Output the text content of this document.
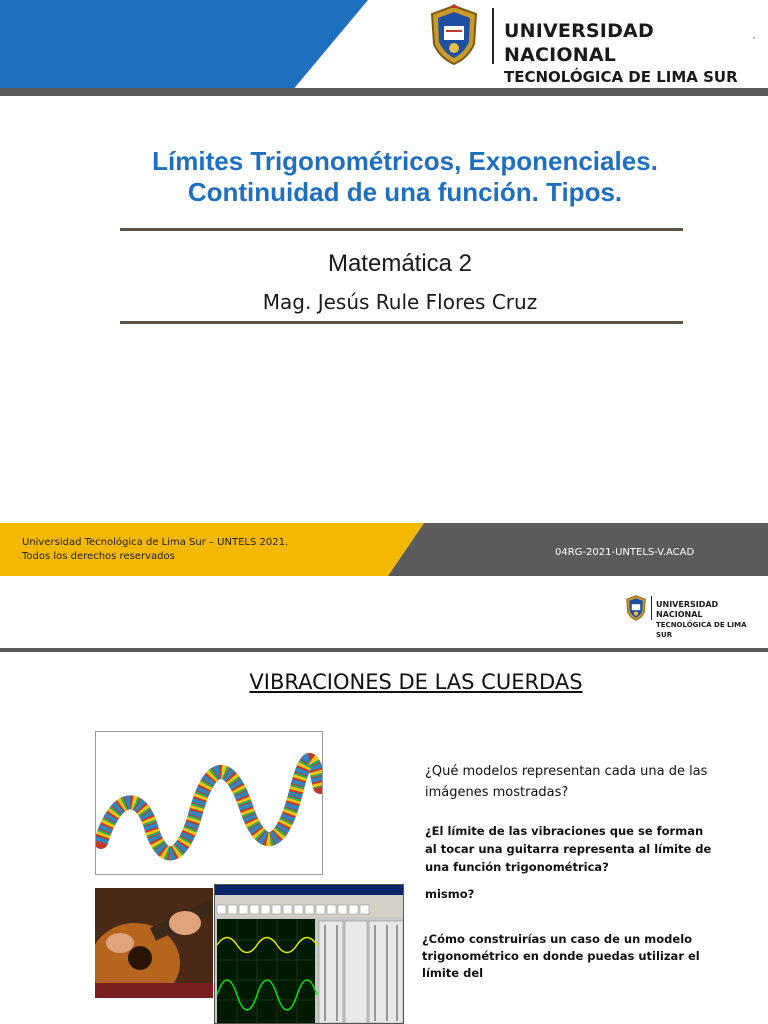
UNIVERSIDAD NACIONAL
TECNOLÓGICA DE LIMA SUR
·
Límites Trigonométricos, Exponenciales.
Continuidad de una función. Tipos.
Matemática 2
Mag. Jesús Rule Flores Cruz
Universidad Tecnológica de Lima Sur – UNTELS 2021.
Todos los derechos reservados	04RG-2021-UNTELS-V.ACAD
UNIVERSIDAD NACIONAL
TECNOLÓGICA DE LIMA SUR
VIBRACIONES DE LAS CUERDAS
¿Qué modelos representan cada una de las imágenes mostradas?
¿El límite de las vibraciones que se forman al tocar una guitarra representa al límite de una función trigonométrica?
mismo?
¿Cómo construirías un caso de un modelo trigonométrico en donde puedas utilizar el límite del
